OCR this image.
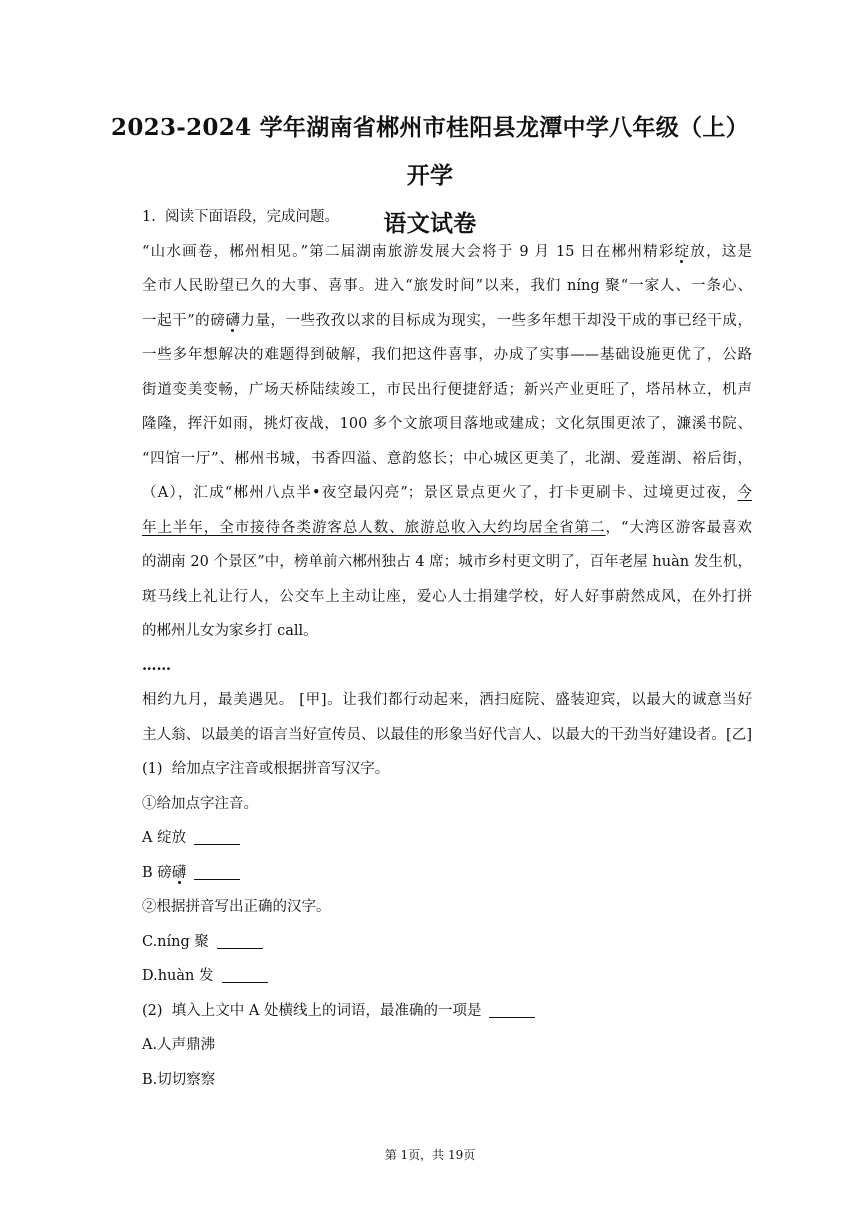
2023-2024 学年湖南省郴州市桂阳县龙潭中学八年级（上）开学
语文试卷
1.  阅读下面语段，完成问题。
“山水画卷，郴州相见。”第二届湖南旅游发展大会将于 9 月 15 日在郴州精彩绽放，这是
全市人民盼望已久的大事、喜事。进入“旅发时间”以来，我们 níng 聚“一家人、一条心、
一起干”的磅礴力量，一些孜孜以求的目标成为现实，一些多年想干却没干成的事已经干成，
一些多年想解决的难题得到破解，我们把这件喜事，办成了实事——基础设施更优了，公路
街道变美变畅，广场天桥陆续竣工，市民出行便捷舒适；新兴产业更旺了，塔吊林立，机声
隆隆，挥汗如雨，挑灯夜战，100 多个文旅项目落地或建成；文化氛围更浓了，濂溪书院、
“四馆一厅”、郴州书城，书香四溢、意韵悠长；中心城区更美了，北湖、爱莲湖、裕后街，
（A），汇成“郴州八点半•夜空最闪亮”；景区景点更火了，打卡更刷卡、过境更过夜，今
年上半年，全市接待各类游客总人数、旅游总收入大约均居全省第二，“大湾区游客最喜欢
的湖南 20 个景区”中，榜单前六郴州独占 4 席；城市乡村更文明了，百年老屋 huàn 发生机，
斑马线上礼让行人，公交车上主动让座，爱心人士捐建学校，好人好事蔚然成风，在外打拼
的郴州儿女为家乡打 call。
……
相约九月，最美遇见。 [甲]。让我们都行动起来，洒扫庭院、盛装迎宾，以最大的诚意当好
主人翁、以最美的语言当好宣传员、以最佳的形象当好代言人、以最大的干劲当好建设者。[乙]
(1)  给加点字注音或根据拼音写汉字。
①给加点字注音。
A 绽放
B 磅礴
②根据拼音写出正确的汉字。
C.níng 聚
D.huàn 发
(2)  填入上文中 A 处横线上的词语，最准确的一项是
A.人声鼎沸
B.切切察察
第 1页，共 19页
